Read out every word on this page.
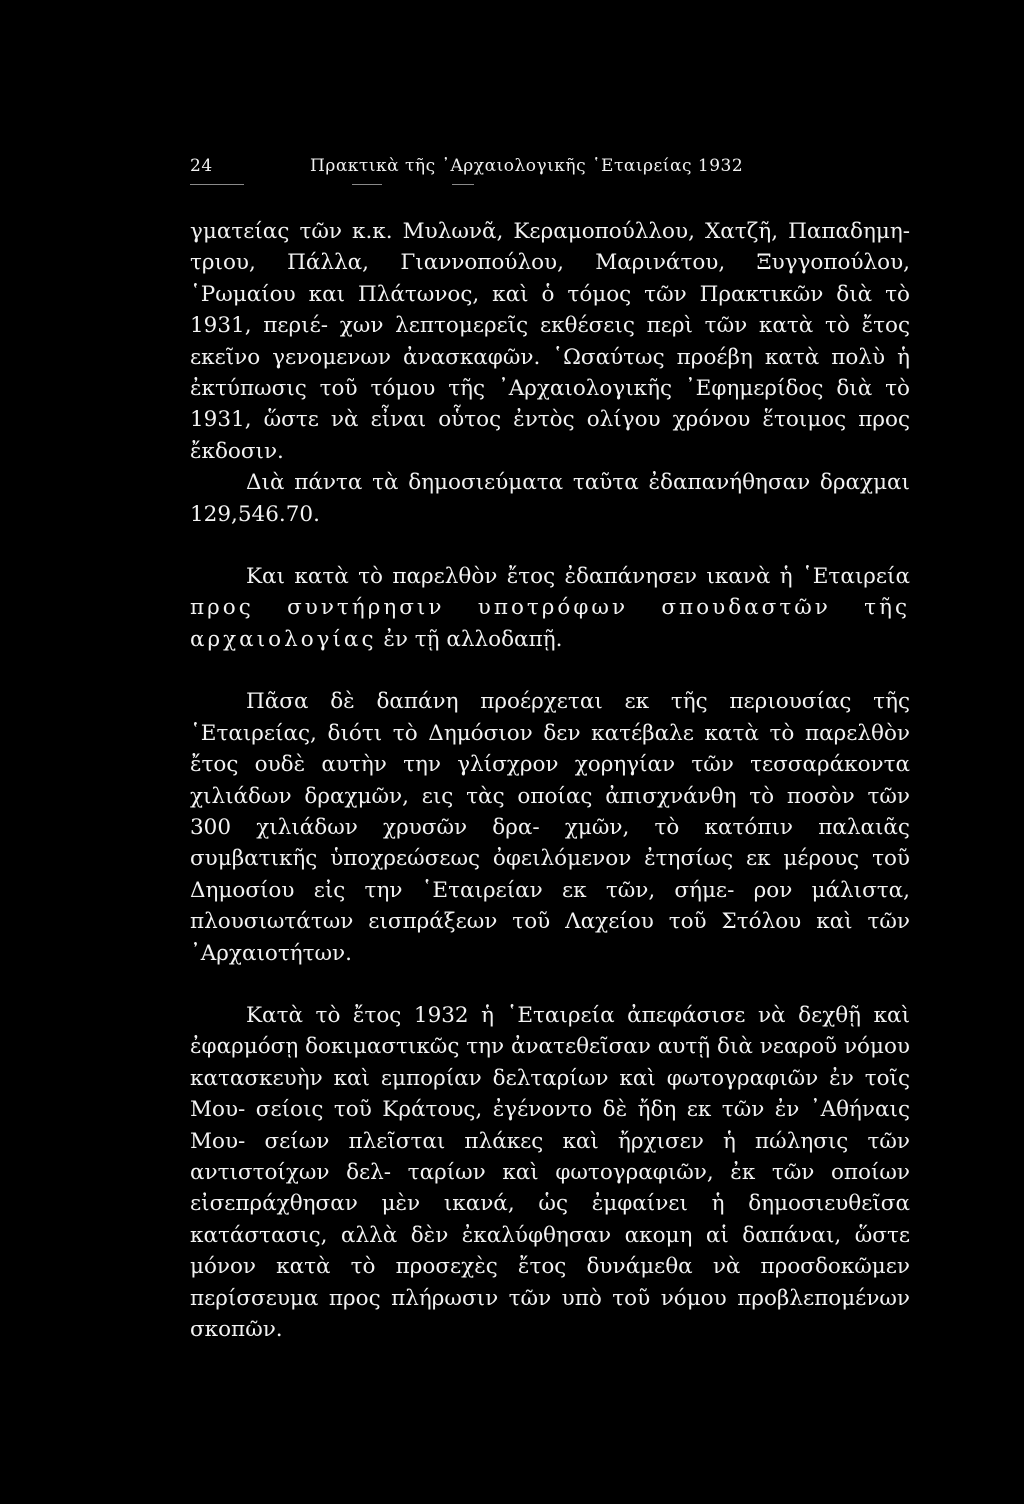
24	Πρακτικὰ τῆς ᾿Αρχαιολογικῆς ῾Εταιρείας 1932

γματείας τῶν κ.κ. Μυλωνᾶ, Κεραμοπούλλου, Χατζῆ, Παπαδημη- τριου, Πάλλα, Γιαννοπούλου, Μαρινάτου, Ξυγγοπούλου, ῾Ρωμαίου και Πλάτωνος, καὶ ὁ τόμος τῶν Πρακτικῶν διὰ τὸ 1931, περιέ- χων λεπτομερεῖς εκθέσεις περὶ τῶν κατὰ τὸ ἔτος εκεῖνο γενομενων ἀνασκαφῶν. ῾Ωσαύτως προέβη κατὰ πολὺ ἡ ἐκτύπωσις τοῦ τόμου τῆς ᾿Αρχαιολογικῆς ᾿Εφημερίδος διὰ τὸ 1931, ὥστε νὰ εἶναι οὗτος ἐντὸς ολίγου χρόνου ἕτοιμος προς ἔκδοσιν.

Διὰ πάντα τὰ δημοσιεύματα ταῦτα ἐδαπανήθησαν δραχμαι 129,546.70.

Και κατὰ τὸ παρελθὸν ἔτος ἐδαπάνησεν ικανὰ ἡ ῾Εταιρεία προς συντήρησιν υποτρόφων σπουδαστῶν τῆς αρχαιολογίας ἐν τῇ αλλοδαπῇ.

Πᾶσα δὲ δαπάνη προέρχεται εκ τῆς περιουσίας τῆς ῾Εταιρείας, διότι τὸ Δημόσιον δεν κατέβαλε κατὰ τὸ παρελθὸν ἔτος ουδὲ αυτὴν την γλίσχρον χορηγίαν τῶν τεσσαράκοντα χιλιάδων δραχμῶν, εις τὰς οποίας ἀπισχνάνθη τὸ ποσὸν τῶν 300 χιλιάδων χρυσῶν δρα- χμῶν, τὸ κατόπιν παλαιᾶς συμβατικῆς ὑποχρεώσεως ὀφειλόμενον ἐτησίως εκ μέρους τοῦ Δημοσίου εἰς την ῾Εταιρείαν εκ τῶν, σήμε- ρον μάλιστα, πλουσιωτάτων εισπράξεων τοῦ Λαχείου τοῦ Στόλου καὶ τῶν ᾿Αρχαιοτήτων.

Κατὰ τὸ ἔτος 1932 ἡ ῾Εταιρεία ἀπεφάσισε νὰ δεχθῇ καὶ ἐφαρμόσῃ δοκιμαστικῶς την ἀνατεθεῖσαν αυτῇ διὰ νεαροῦ νόμου κατασκευὴν καὶ εμπορίαν δελταρίων καὶ φωτογραφιῶν ἐν τοῖς Μου- σείοις τοῦ Κράτους, ἐγένοντο δὲ ἤδη εκ τῶν ἐν ᾿Αθήναις Μου- σείων πλεῖσται πλάκες καὶ ἤρχισεν ἡ πώλησις τῶν αντιστοίχων δελ- ταρίων καὶ φωτογραφιῶν, ἐκ τῶν οποίων εἰσεπράχθησαν μὲν ικανά, ὡς ἐμφαίνει ἡ δημοσιευθεῖσα κατάστασις, αλλὰ δὲν ἐκαλύφθησαν ακομη αἱ δαπάναι, ὥστε μόνον κατὰ τὸ προσεχὲς ἔτος δυνάμεθα νὰ προσδοκῶμεν περίσσευμα προς πλήρωσιν τῶν υπὸ τοῦ νόμου προβλεπομένων σκοπῶν.
